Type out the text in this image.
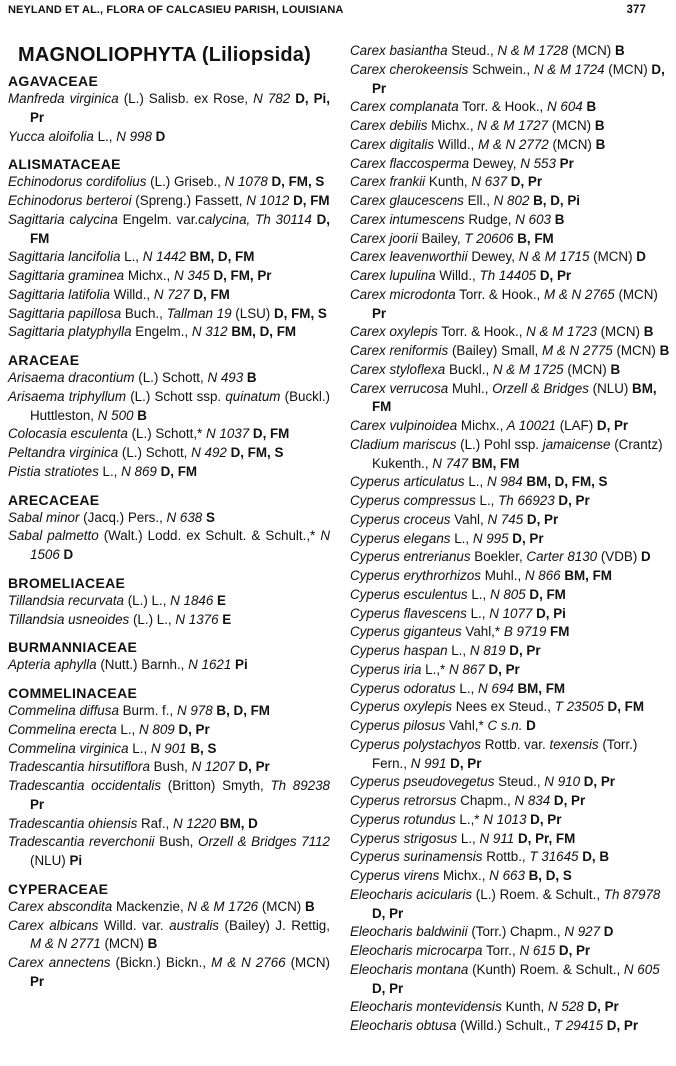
NEYLAND ET AL., FLORA OF CALCASIEU PARISH, LOUISIANA	377
MAGNOLIOPHYTA (Liliopsida)
AGAVACEAE
Manfreda virginica (L.) Salisb. ex Rose, N 782 D, Pi, Pr
Yucca aloifolia L., N 998 D
ALISMATACEAE
Echinodorus cordifolius (L.) Griseb., N 1078 D, FM, S
Echinodorus berteroi (Spreng.) Fassett, N 1012 D, FM
Sagittaria calycina Engelm. var.calycina, Th 30114 D, FM
Sagittaria lancifolia L., N 1442 BM, D, FM
Sagittaria graminea Michx., N 345 D, FM, Pr
Sagittaria latifolia Willd., N 727 D, FM
Sagittaria papillosa Buch., Tallman 19 (LSU) D, FM, S
Sagittaria platyphylla Engelm., N 312 BM, D, FM
ARACEAE
Arisaema dracontium (L.) Schott, N 493 B
Arisaema triphyllum (L.) Schott ssp. quinatum (Buckl.) Huttleston, N 500 B
Colocasia esculenta (L.) Schott,* N 1037 D, FM
Peltandra virginica (L.) Schott, N 492 D, FM, S
Pistia stratiotes L., N 869 D, FM
ARECACEAE
Sabal minor (Jacq.) Pers., N 638 S
Sabal palmetto (Walt.) Lodd. ex Schult. & Schult.,* N 1506 D
BROMELIACEAE
Tillandsia recurvata (L.) L., N 1846 E
Tillandsia usneoides (L.) L., N 1376 E
BURMANNIACEAE
Apteria aphylla (Nutt.) Barnh., N 1621 Pi
COMMELINACEAE
Commelina diffusa Burm. f., N 978 B, D, FM
Commelina erecta L., N 809 D, Pr
Commelina virginica L., N 901 B, S
Tradescantia hirsutiflora Bush, N 1207 D, Pr
Tradescantia occidentalis (Britton) Smyth, Th 89238 Pr
Tradescantia ohiensis Raf., N 1220 BM, D
Tradescantia reverchonii Bush, Orzell & Bridges 7112 (NLU) Pi
CYPERACEAE
Carex abscondita Mackenzie, N & M 1726 (MCN) B
Carex albicans Willd. var. australis (Bailey) J. Rettig, M & N 2771 (MCN) B
Carex annectens (Bickn.) Bickn., M & N 2766 (MCN) Pr
Carex basiantha Steud., N & M 1728 (MCN) B
Carex cherokeensis Schwein., N & M 1724 (MCN) D, Pr
Carex complanata Torr. & Hook., N 604 B
Carex debilis Michx., N & M 1727 (MCN) B
Carex digitalis Willd., M & N 2772 (MCN) B
Carex flaccosperma Dewey, N 553 Pr
Carex frankii Kunth, N 637 D, Pr
Carex glaucescens Ell., N 802 B, D, Pi
Carex intumescens Rudge, N 603 B
Carex joorii Bailey, T 20606 B, FM
Carex leavenworthii Dewey, N & M 1715 (MCN) D
Carex lupulina Willd., Th 14405 D, Pr
Carex microdonta Torr. & Hook., M & N 2765 (MCN) Pr
Carex oxylepis Torr. & Hook., N & M 1723 (MCN) B
Carex reniformis (Bailey) Small, M & N 2775 (MCN) B
Carex styloflexa Buckl., N & M 1725 (MCN) B
Carex verrucosa Muhl., Orzell & Bridges (NLU) BM, FM
Carex vulpinoidea Michx., A 10021 (LAF) D, Pr
Cladium mariscus (L.) Pohl ssp. jamaicense (Crantz) Kukenth., N 747 BM, FM
Cyperus articulatus L., N 984 BM, D, FM, S
Cyperus compressus L., Th 66923 D, Pr
Cyperus croceus Vahl, N 745 D, Pr
Cyperus elegans L., N 995 D, Pr
Cyperus entrerianus Boekler, Carter 8130 (VDB) D
Cyperus erythrorhizos Muhl., N 866 BM, FM
Cyperus esculentus L., N 805 D, FM
Cyperus flavescens L., N 1077 D, Pi
Cyperus giganteus Vahl,* B 9719 FM
Cyperus haspan L., N 819 D, Pr
Cyperus iria L.,* N 867 D, Pr
Cyperus odoratus L., N 694 BM, FM
Cyperus oxylepis Nees ex Steud., T 23505 D, FM
Cyperus pilosus Vahl,* C s.n. D
Cyperus polystachyos Rottb. var. texensis (Torr.) Fern., N 991 D, Pr
Cyperus pseudovegetus Steud., N 910 D, Pr
Cyperus retrorsus Chapm., N 834 D, Pr
Cyperus rotundus L.,* N 1013 D, Pr
Cyperus strigosus L., N 911 D, Pr, FM
Cyperus surinamensis Rottb., T 31645 D, B
Cyperus virens Michx., N 663 B, D, S
Eleocharis acicularis (L.) Roem. & Schult., Th 87978 D, Pr
Eleocharis baldwinii (Torr.) Chapm., N 927 D
Eleocharis microcarpa Torr., N 615 D, Pr
Eleocharis montana (Kunth) Roem. & Schult., N 605 D, Pr
Eleocharis montevidensis Kunth, N 528 D, Pr
Eleocharis obtusa (Willd.) Schult., T 29415 D, Pr
